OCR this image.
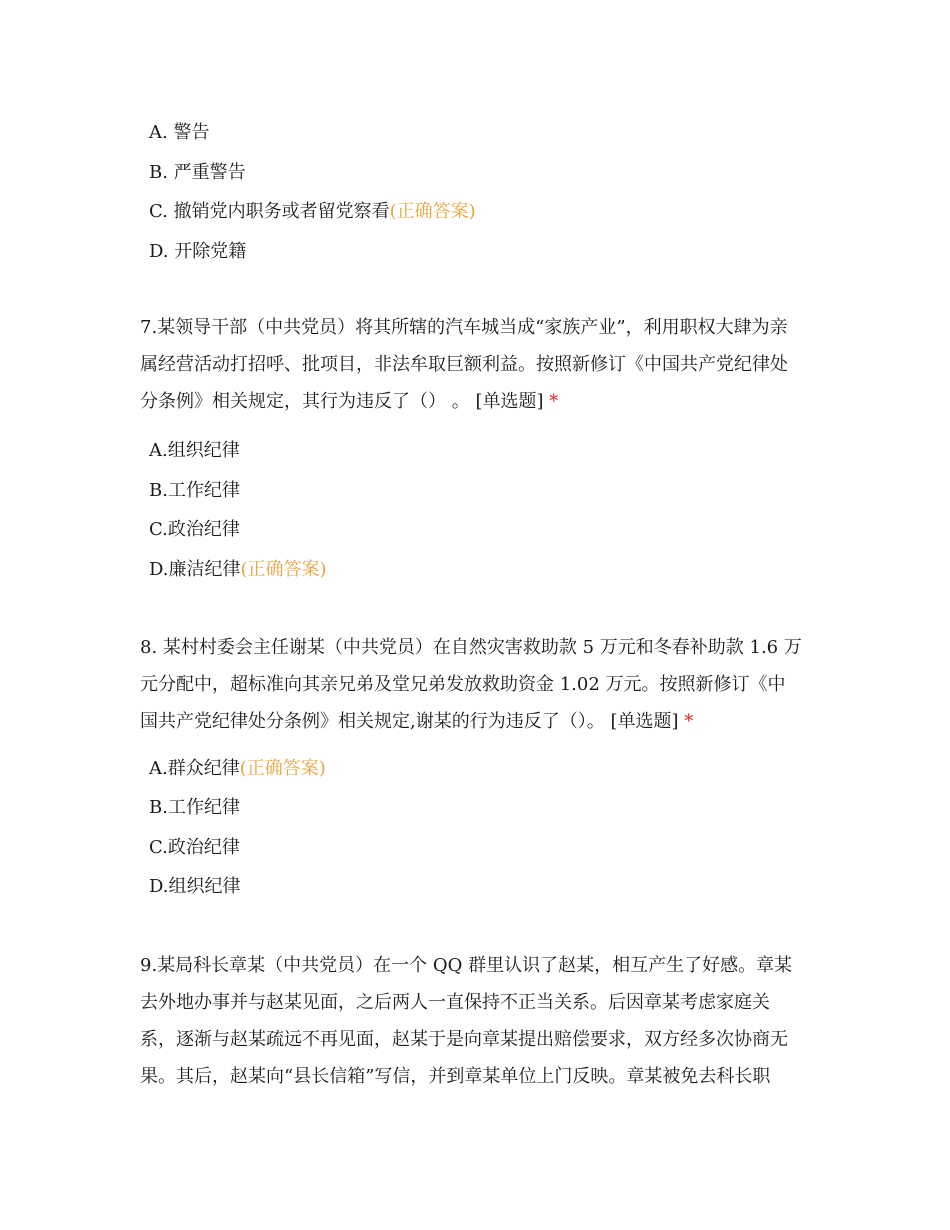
A. 警告
B. 严重警告
C. 撤销党内职务或者留党察看(正确答案)
D. 开除党籍
7.某领导干部（中共党员）将其所辖的汽车城当成“家族产业”，利用职权大肆为亲
属经营活动打招呼、批项目，非法牟取巨额利益。按照新修订《中国共产党纪律处
分条例》相关规定，其行为违反了（） 。 [单选题] *
A.组织纪律
B.工作纪律
C.政治纪律
D.廉洁纪律(正确答案)
8. 某村村委会主任谢某（中共党员）在自然灾害救助款 5 万元和冬春补助款 1.6 万
元分配中，超标准向其亲兄弟及堂兄弟发放救助资金 1.02 万元。按照新修订《中
国共产党纪律处分条例》相关规定,谢某的行为违反了（）。 [单选题] *
A.群众纪律(正确答案)
B.工作纪律
C.政治纪律
D.组织纪律
9.某局科长章某（中共党员）在一个 QQ 群里认识了赵某，相互产生了好感。章某
去外地办事并与赵某见面，之后两人一直保持不正当关系。后因章某考虑家庭关
系，逐渐与赵某疏远不再见面，赵某于是向章某提出赔偿要求，双方经多次协商无
果。其后，赵某向“县长信箱”写信，并到章某单位上门反映。章某被免去科长职
